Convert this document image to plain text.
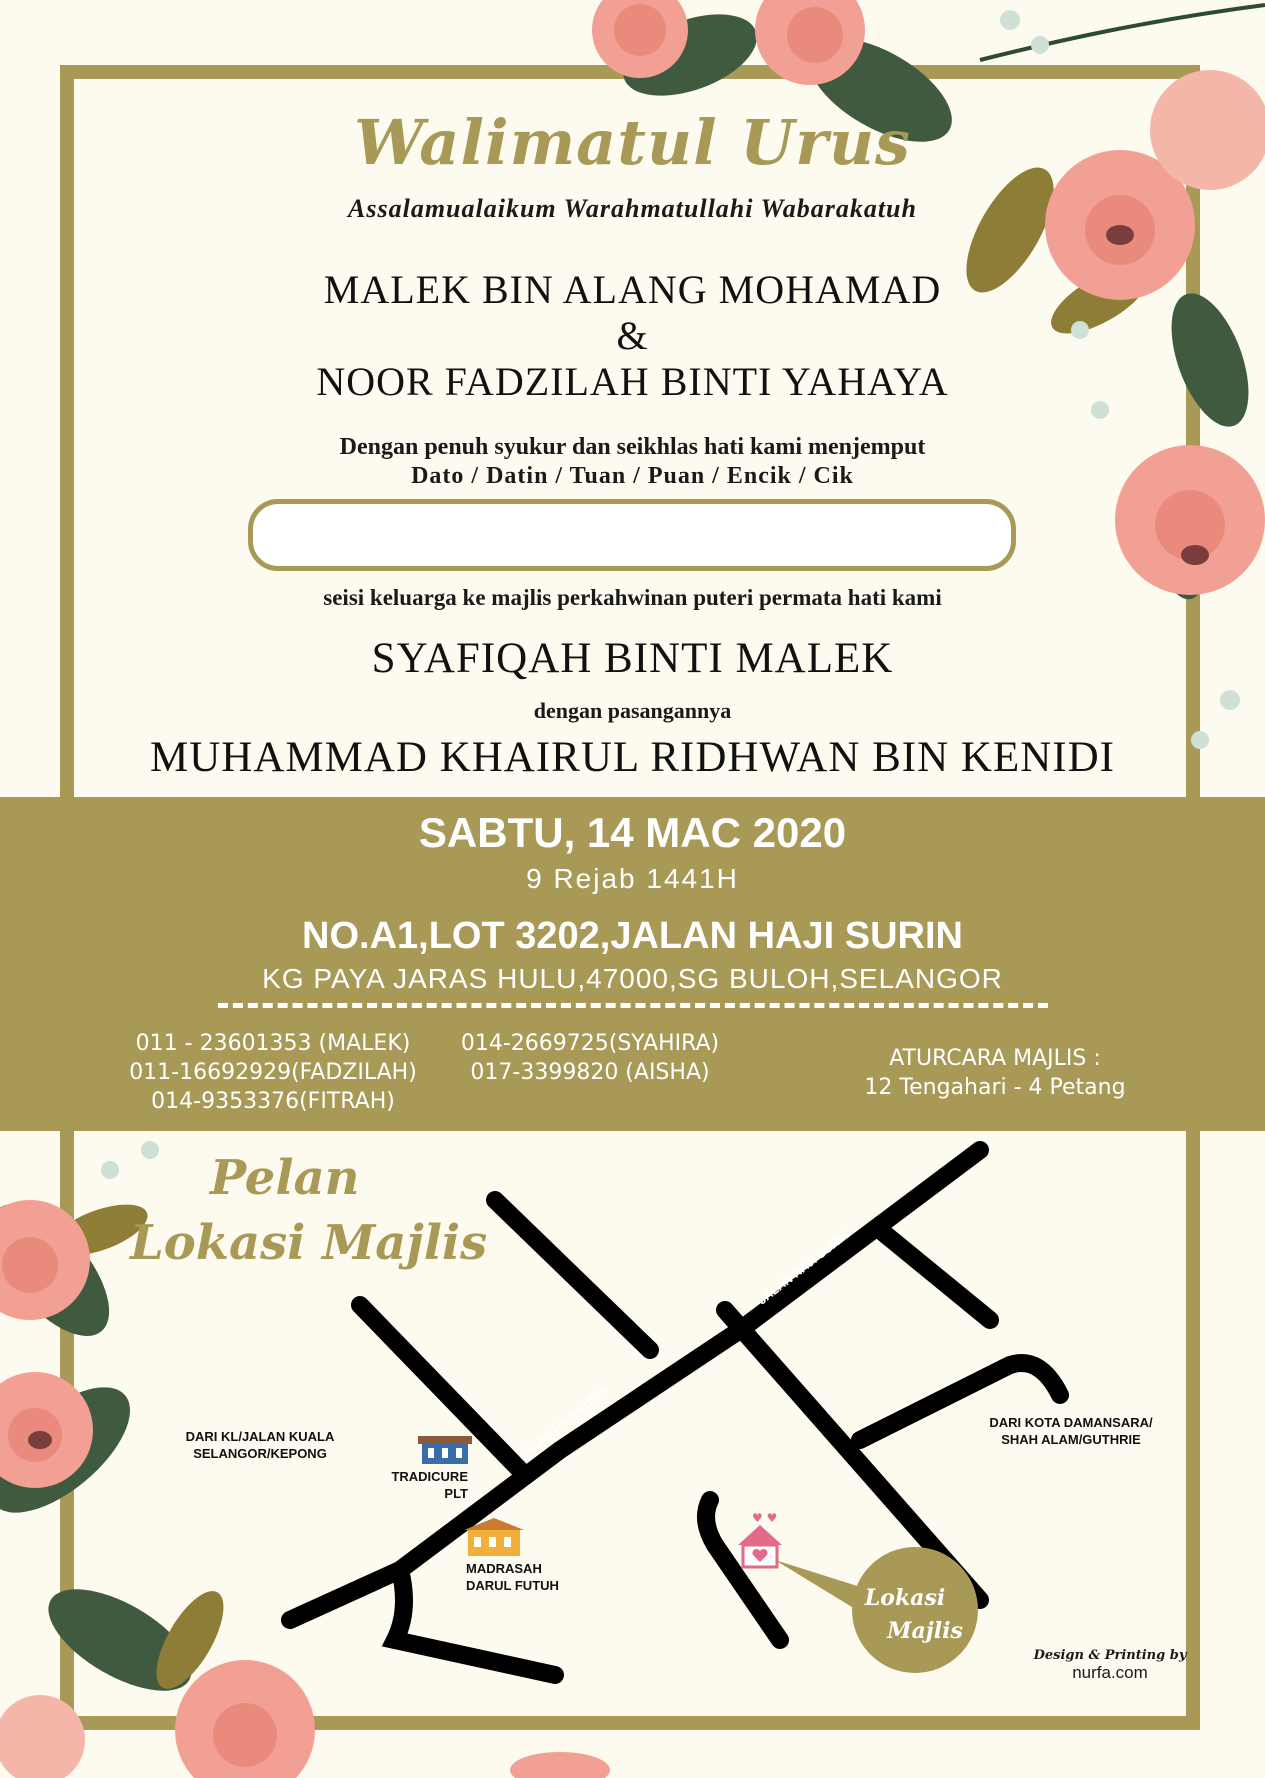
Walimatul Urus
Assalamualaikum Warahmatullahi Wabarakatuh
MALEK BIN ALANG MOHAMAD
&
NOOR FADZILAH BINTI YAHAYA
Dengan penuh syukur dan seikhlas hati kami menjemput
Dato / Datin / Tuan / Puan / Encik / Cik
seisi keluarga ke majlis perkahwinan puteri permata hati kami
SYAFIQAH BINTI MALEK
dengan pasangannya
MUHAMMAD KHAIRUL RIDHWAN BIN KENIDI
SABTU, 14 MAC 2020
9 Rejab 1441H
NO.A1,LOT 3202,JALAN HAJI SURIN
KG PAYA JARAS HULU,47000,SG BULOH,SELANGOR
011 - 23601353 (MALEK)
011-16692929(FADZILAH)
014-9353376(FITRAH)
014-2669725(SYAHIRA)
017-3399820 (AISHA)
ATURCARA MAJLIS :
12 Tengahari - 4 Petang
Pelan
Lokasi Majlis
JALAN HAJI SURIN
JALAN HAJI SURIN
♥ ♥
Lokasi
Majlis
DARI KL/JALAN KUALA
SELANGOR/KEPONG
DARI KOTA DAMANSARA/
SHAH ALAM/GUTHRIE
TRADICURE
PLT
MADRASAH
DARUL FUTUH
Design & Printing by
nurfa.com
